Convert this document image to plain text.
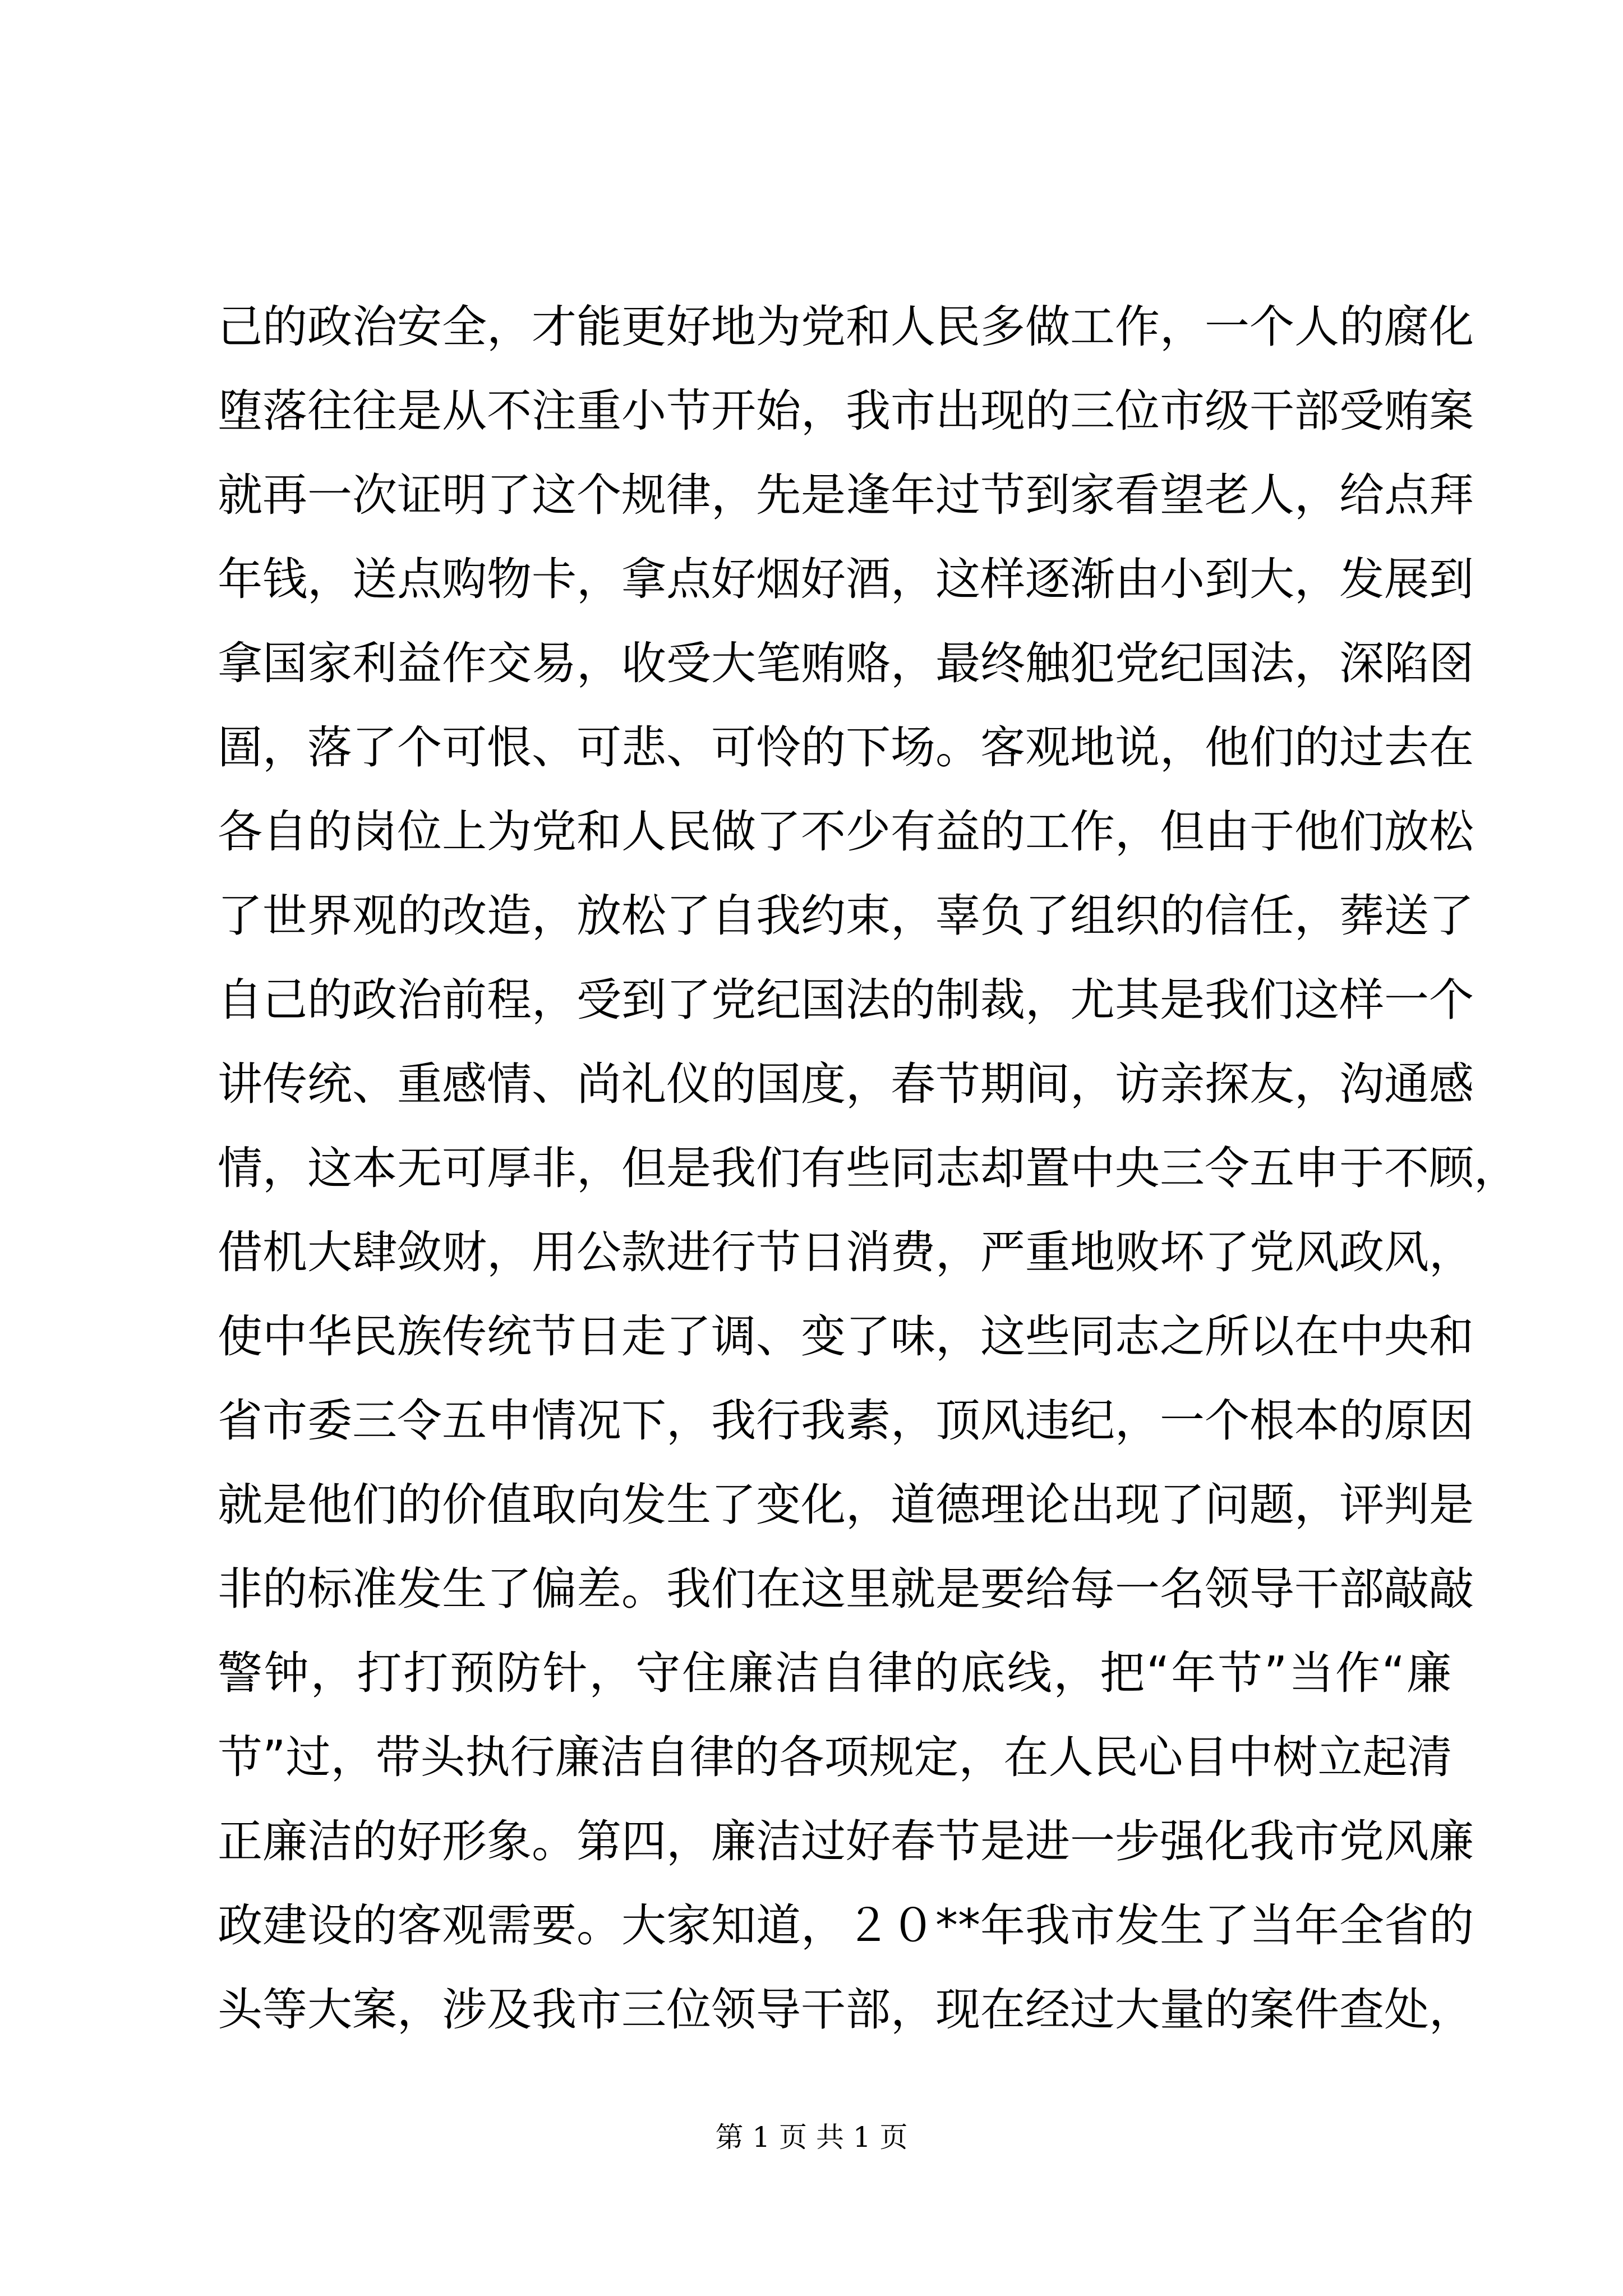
己的政治安全，才能更好地为党和人民多做工作，一个人的腐化
堕落往往是从不注重小节开始，我市出现的三位市级干部受贿案
就再一次证明了这个规律，先是逢年过节到家看望老人，给点拜
年钱，送点购物卡，拿点好烟好酒，这样逐渐由小到大，发展到
拿国家利益作交易，收受大笔贿赂，最终触犯党纪国法，深陷囹
圄，落了个可恨、可悲、可怜的下场。客观地说，他们的过去在
各自的岗位上为党和人民做了不少有益的工作，但由于他们放松
了世界观的改造，放松了自我约束，辜负了组织的信任，葬送了
自己的政治前程，受到了党纪国法的制裁，尤其是我们这样一个
讲传统、重感情、尚礼仪的国度，春节期间，访亲探友，沟通感
情，这本无可厚非，但是我们有些同志却置中央三令五申于不顾，
借机大肆敛财，用公款进行节日消费，严重地败坏了党风政风，
使中华民族传统节日走了调、变了味，这些同志之所以在中央和
省市委三令五申情况下，我行我素，顶风违纪，一个根本的原因
就是他们的价值取向发生了变化，道德理论出现了问题，评判是
非的标准发生了偏差。我们在这里就是要给每一名领导干部敲敲
警钟，打打预防针，守住廉洁自律的底线，把“年节”当作“廉
节”过，带头执行廉洁自律的各项规定，在人民心目中树立起清
正廉洁的好形象。第四，廉洁过好春节是进一步强化我市党风廉
政建设的客观需要。大家知道，２０**年我市发生了当年全省的
头等大案，涉及我市三位领导干部，现在经过大量的案件查处，
第 1 页 共 1 页
